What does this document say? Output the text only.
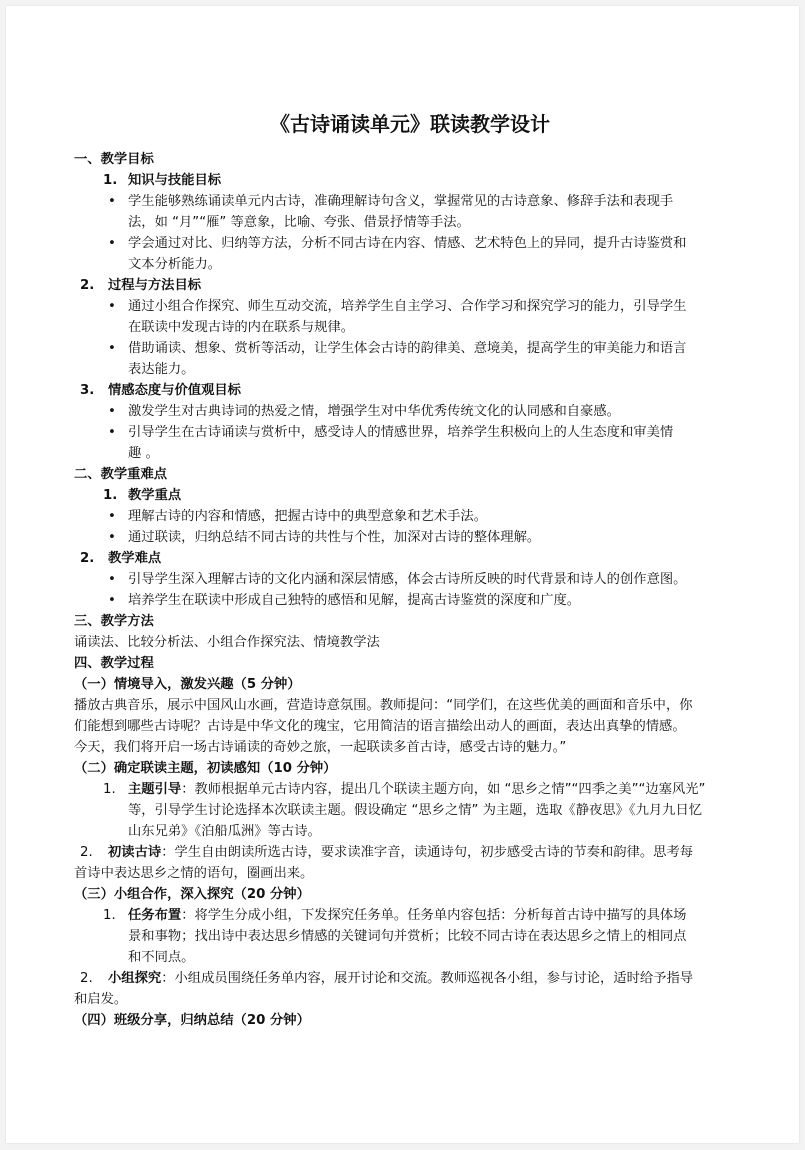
《古诗诵读单元》联读教学设计
一、教学目标
1. 知识与技能目标
• 学生能够熟练诵读单元内古诗，准确理解诗句含义，掌握常见的古诗意象、修辞手法和表现手
法，如 “月”“雁” 等意象，比喻、夸张、借景抒情等手法。
• 学会通过对比、归纳等方法，分析不同古诗在内容、情感、艺术特色上的异同，提升古诗鉴赏和
文本分析能力。
2. 过程与方法目标
• 通过小组合作探究、师生互动交流，培养学生自主学习、合作学习和探究学习的能力，引导学生
在联读中发现古诗的内在联系与规律。
• 借助诵读、想象、赏析等活动，让学生体会古诗的韵律美、意境美，提高学生的审美能力和语言
表达能力。
3. 情感态度与价值观目标
• 激发学生对古典诗词的热爱之情，增强学生对中华优秀传统文化的认同感和自豪感。
• 引导学生在古诗诵读与赏析中，感受诗人的情感世界，培养学生积极向上的人生态度和审美情
趣 。
二、教学重难点
1. 教学重点
• 理解古诗的内容和情感，把握古诗中的典型意象和艺术手法。
• 通过联读，归纳总结不同古诗的共性与个性，加深对古诗的整体理解。
2. 教学难点
• 引导学生深入理解古诗的文化内涵和深层情感，体会古诗所反映的时代背景和诗人的创作意图。
• 培养学生在联读中形成自己独特的感悟和见解，提高古诗鉴赏的深度和广度。
三、教学方法
诵读法、比较分析法、小组合作探究法、情境教学法
四、教学过程
（一）情境导入，激发兴趣（5 分钟）
播放古典音乐，展示中国风山水画，营造诗意氛围。教师提问：“同学们，在这些优美的画面和音乐中，你
们能想到哪些古诗呢？古诗是中华文化的瑰宝，它用简洁的语言描绘出动人的画面，表达出真挚的情感。
今天，我们将开启一场古诗诵读的奇妙之旅，一起联读多首古诗，感受古诗的魅力。”
（二）确定联读主题，初读感知（10 分钟）
1. 主题引导：教师根据单元古诗内容，提出几个联读主题方向，如 “思乡之情”“四季之美”“边塞风光”
等，引导学生讨论选择本次联读主题。假设确定 “思乡之情” 为主题，选取《静夜思》《九月九日忆
山东兄弟》《泊船瓜洲》等古诗。
2. 初读古诗：学生自由朗读所选古诗，要求读准字音，读通诗句，初步感受古诗的节奏和韵律。思考每
首诗中表达思乡之情的语句，圈画出来。
（三）小组合作，深入探究（20 分钟）
1. 任务布置：将学生分成小组，下发探究任务单。任务单内容包括：分析每首古诗中描写的具体场
景和事物；找出诗中表达思乡情感的关键词句并赏析；比较不同古诗在表达思乡之情上的相同点
和不同点。
2. 小组探究：小组成员围绕任务单内容，展开讨论和交流。教师巡视各小组，参与讨论，适时给予指导
和启发。
（四）班级分享，归纳总结（20 分钟）
